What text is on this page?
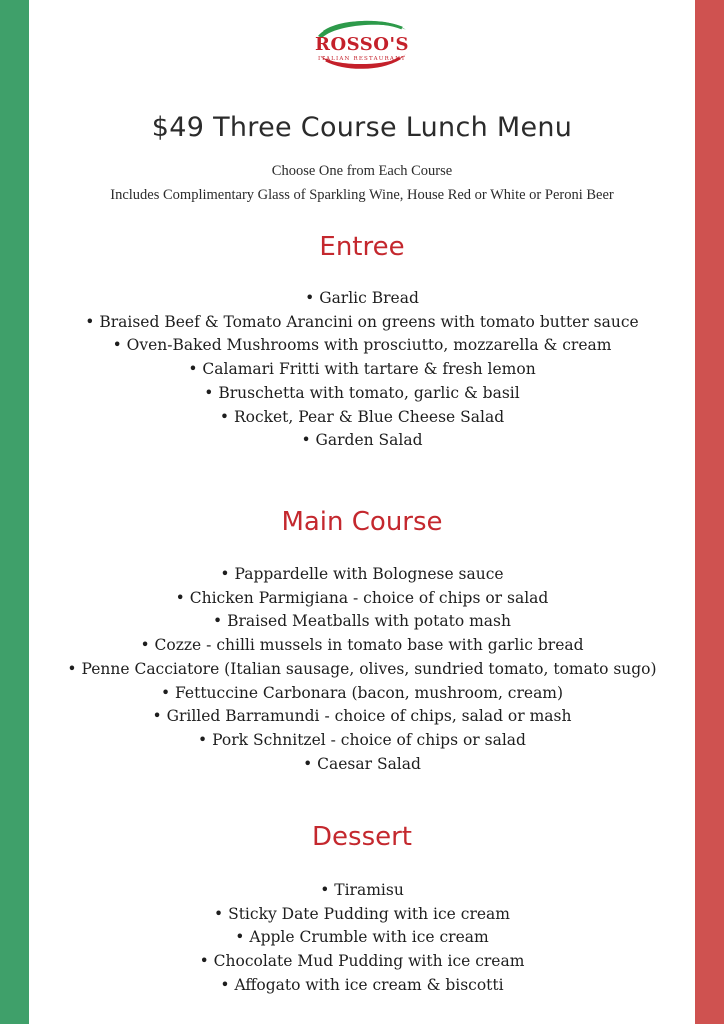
ROSSO'S
ITALIAN RESTAURANT
$49 Three Course Lunch Menu
Choose One from Each Course
Includes Complimentary Glass of Sparkling Wine, House Red or White or Peroni Beer
Entree
• Garlic Bread
• Braised Beef & Tomato Arancini on greens with tomato butter sauce
• Oven-Baked Mushrooms with prosciutto, mozzarella & cream
• Calamari Fritti with tartare & fresh lemon
• Bruschetta with tomato, garlic & basil
• Rocket, Pear & Blue Cheese Salad
• Garden Salad
Main Course
• Pappardelle with Bolognese sauce
• Chicken Parmigiana - choice of chips or salad
• Braised Meatballs with potato mash
• Cozze - chilli mussels in tomato base with garlic bread
• Penne Cacciatore (Italian sausage, olives, sundried tomato, tomato sugo)
• Fettuccine Carbonara (bacon, mushroom, cream)
• Grilled Barramundi - choice of chips, salad or mash
• Pork Schnitzel - choice of chips or salad
• Caesar Salad
Dessert
• Tiramisu
• Sticky Date Pudding with ice cream
• Apple Crumble with ice cream
• Chocolate Mud Pudding with ice cream
• Affogato with ice cream & biscotti
